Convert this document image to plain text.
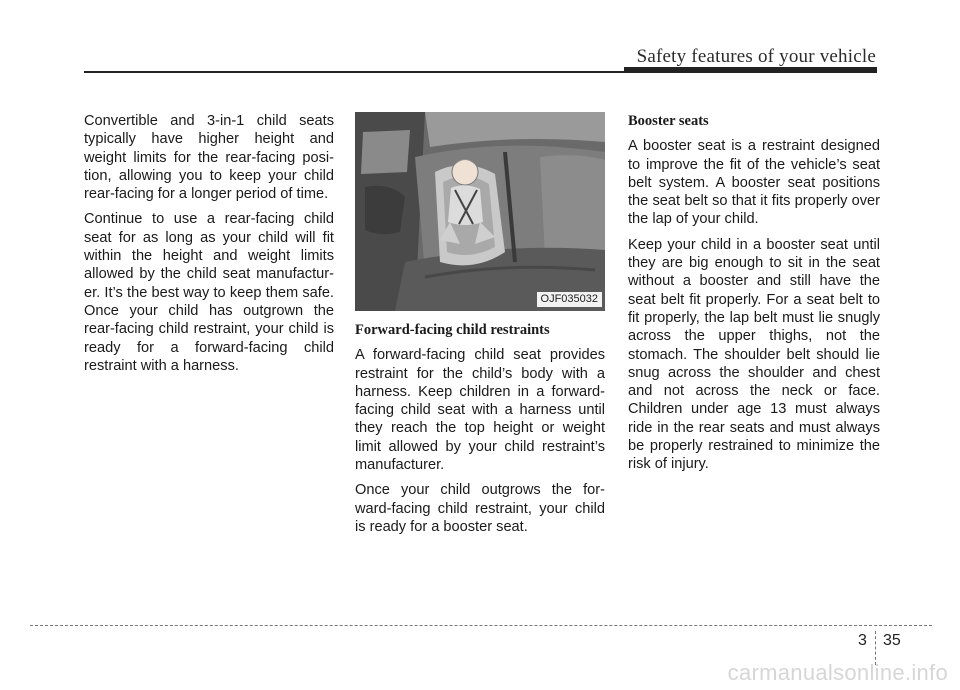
Safety features of your vehicle

Convertible and 3-in-1 child seats typically have higher height and weight limits for the rear-facing posi-tion, allowing you to keep your child rear-facing for a longer period of time.

Continue to use a rear-facing child seat for as long as your child will fit within the height and weight limits allowed by the child seat manufactur-er. It’s the best way to keep them safe. Once your child has outgrown the rear-facing child restraint, your child is ready for a forward-facing child restraint with a harness.

OJF035032
Forward-facing child restraints

A forward-facing child seat provides restraint for the child’s body with a harness. Keep children in a forward-facing child seat with a harness until they reach the top height or weight limit allowed by your child restraint’s manufacturer.

Once your child outgrows the for-ward-facing child restraint, your child is ready for a booster seat.

Booster seats

A booster seat is a restraint designed to improve the fit of the vehicle’s seat belt system. A booster seat positions the seat belt so that it fits properly over the lap of your child.

Keep your child in a booster seat until they are big enough to sit in the seat without a booster and still have the seat belt fit properly. For a seat belt to fit properly, the lap belt must lie snugly across the upper thighs, not the stomach. The shoulder belt should lie snug across the shoulder and chest and not across the neck or face. Children under age 13 must always ride in the rear seats and must always be properly restrained to minimize the risk of injury.

3 35
carmanualsonline.info
